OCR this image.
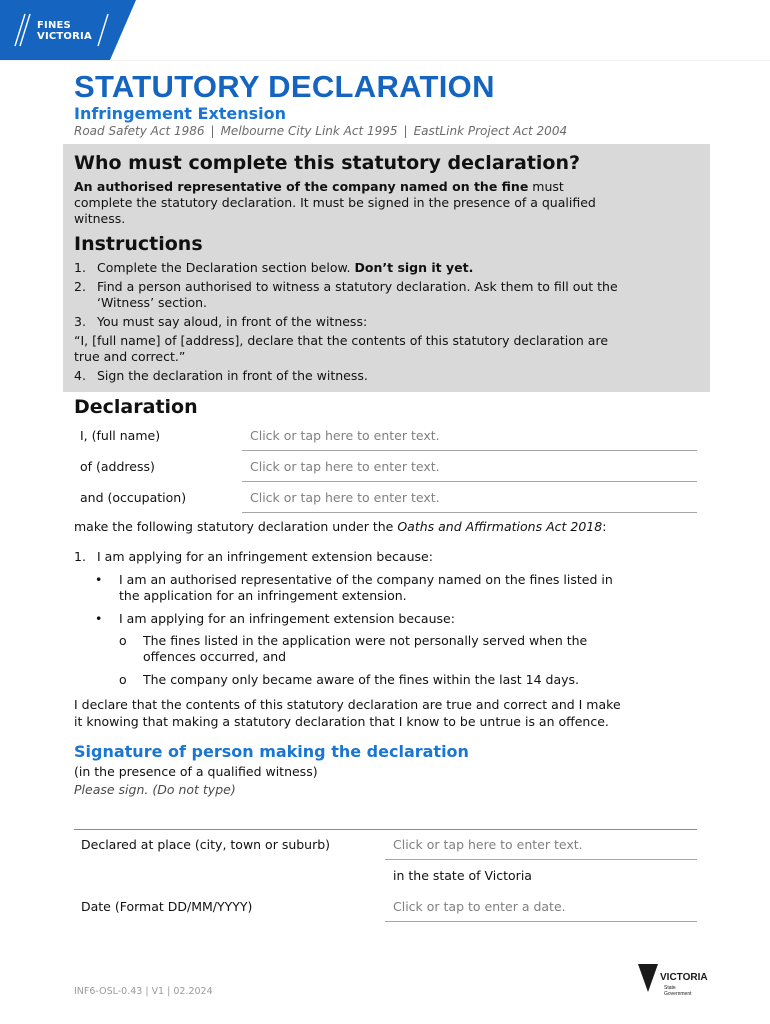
FINES
VICTORIA
STATUTORY DECLARATION
Infringement Extension
Road Safety Act 1986 | Melbourne City Link Act 1995 | EastLink Project Act 2004
Who must complete this statutory declaration?
An authorised representative of the company named on the fine must
complete the statutory declaration. It must be signed in the presence of a qualified
witness.
Instructions
1. Complete the Declaration section below. Don’t sign it yet.
2. Find a person authorised to witness a statutory declaration. Ask them to fill out the
‘Witness’ section.
3. You must say aloud, in front of the witness:
“I, [full name] of [address], declare that the contents of this statutory declaration are
true and correct.”
4. Sign the declaration in front of the witness.
Declaration
I, (full name)	Click or tap here to enter text.
of (address)	Click or tap here to enter text.
and (occupation)	Click or tap here to enter text.
make the following statutory declaration under the Oaths and Affirmations Act 2018:
1. I am applying for an infringement extension because:
• I am an authorised representative of the company named on the fines listed in
the application for an infringement extension.
• I am applying for an infringement extension because:
o The fines listed in the application were not personally served when the
offences occurred, and
o The company only became aware of the fines within the last 14 days.
I declare that the contents of this statutory declaration are true and correct and I make
it knowing that making a statutory declaration that I know to be untrue is an offence.
Signature of person making the declaration
(in the presence of a qualified witness)
Please sign. (Do not type)
Declared at place (city, town or suburb)	Click or tap here to enter text.
in the state of Victoria
Date (Format DD/MM/YYYY)	Click or tap to enter a date.
INF6-OSL-0.43 | V1 | 02.2024
VICTORIA
State
Government
